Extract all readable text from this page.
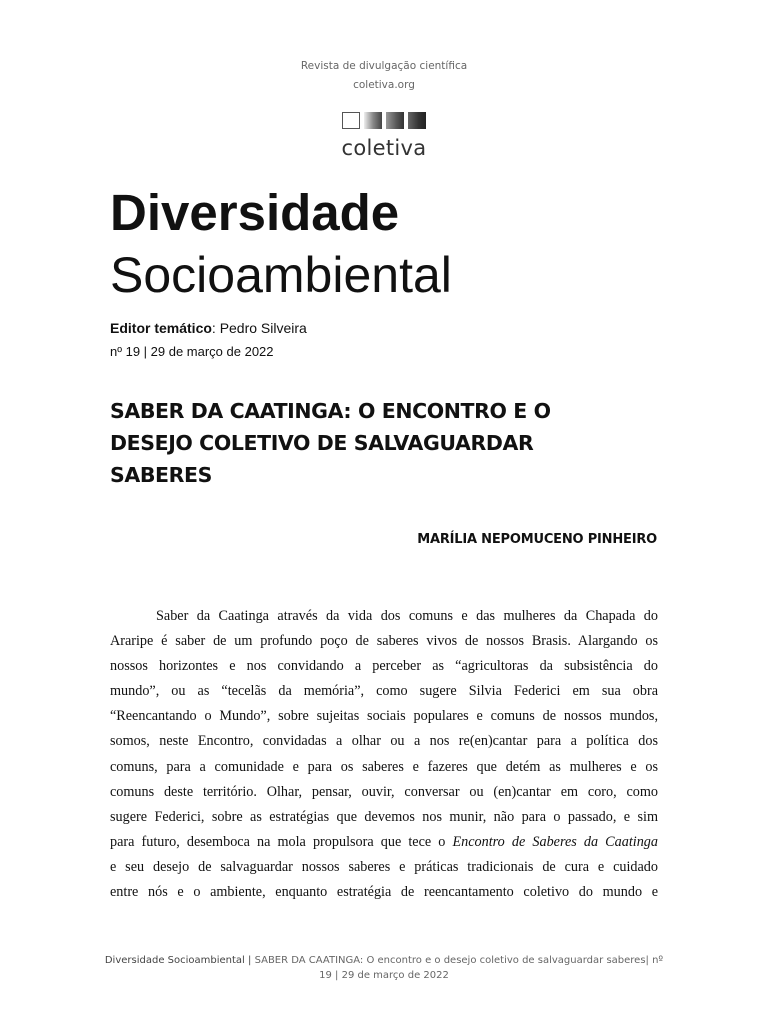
Revista de divulgação científica
coletiva.org
coletiva
Diversidade
Socioambiental
Editor temático: Pedro Silveira
nº 19 | 29 de março de 2022
SABER DA CAATINGA: O ENCONTRO E O
DESEJO COLETIVO DE SALVAGUARDAR
SABERES
MARÍLIA NEPOMUCENO PINHEIRO
Saber da Caatinga através da vida dos comuns e das mulheres da Chapada do
Araripe é saber de um profundo poço de saberes vivos de nossos Brasis. Alargando os
nossos horizontes e nos convidando a perceber as “agricultoras da subsistência do
mundo”, ou as “tecelãs da memória”, como sugere Silvia Federici em sua obra
“Reencantando o Mundo”, sobre sujeitas sociais populares e comuns de nossos mundos,
somos, neste Encontro, convidadas a olhar ou a nos re(en)cantar para a política dos
comuns, para a comunidade e para os saberes e fazeres que detém as mulheres e os
comuns deste território. Olhar, pensar, ouvir, conversar ou (en)cantar em coro, como
sugere Federici, sobre as estratégias que devemos nos munir, não para o passado, e sim
para futuro, desemboca na mola propulsora que tece o Encontro de Saberes da Caatinga
e seu desejo de salvaguardar nossos saberes e práticas tradicionais de cura e cuidado
entre nós e o ambiente, enquanto estratégia de reencantamento coletivo do mundo e
Diversidade Socioambiental | SABER DA CAATINGA: O encontro e o desejo coletivo de salvaguardar saberes| nº 19 | 29 de março de 2022
